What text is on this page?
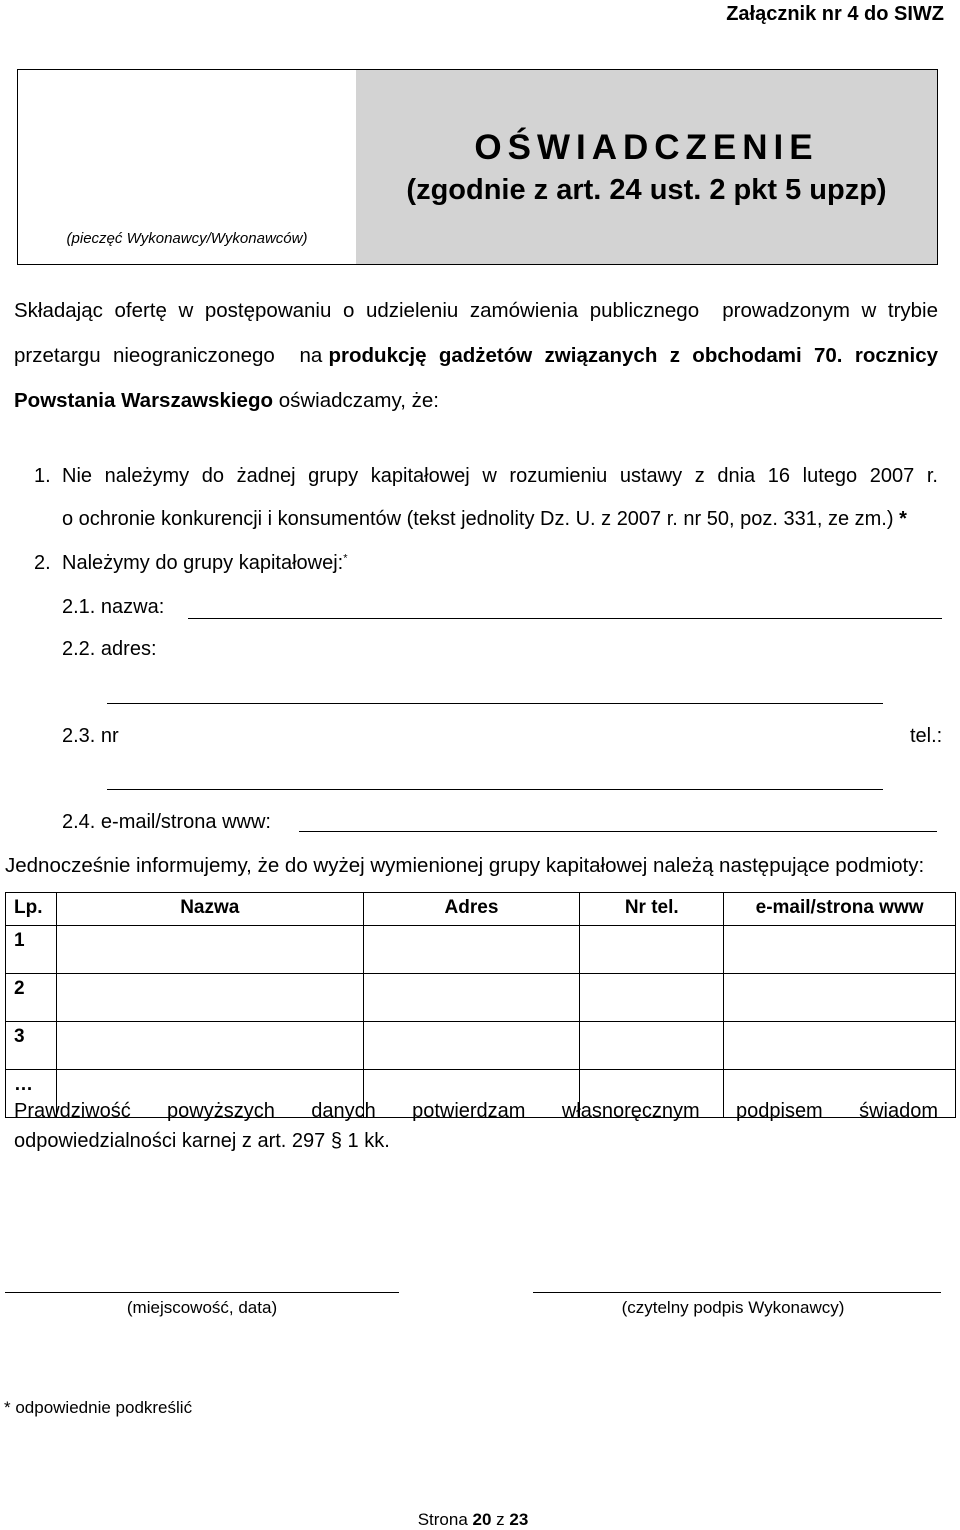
Załącznik nr 4 do SIWZ
(pieczęć Wykonawcy/Wykonawców)
OŚWIADCZENIE
(zgodnie z art. 24 ust. 2 pkt 5 upzp)
Składając  ofertę  w  postępowaniu  o  udzieleniu  zamówienia  publicznego    prowadzonym  w  trybie
przetargu  nieograniczonego    na produkcję  gadżetów  związanych  z  obchodami  70.  rocznicy
Powstania Warszawskiego oświadczamy, że:
1. Nie należymy do żadnej grupy kapitałowej w rozumieniu ustawy z dnia 16 lutego 2007 r.
o ochronie konkurencji i konsumentów (tekst jednolity Dz. U. z 2007 r. nr 50, poz. 331, ze zm.) *
2. Należymy do grupy kapitałowej:*
2.1. nazwa:
2.2. adres:
2.3. nr	tel.:
2.4. e-mail/strona www:
Jednocześnie informujemy, że do wyżej wymienionej grupy kapitałowej należą następujące podmioty:
Lp.	Nazwa	Adres	Nr tel.	e-mail/strona www
1				
2				
3				
…				
Prawdziwość    powyższych    danych    potwierdzam    własnoręcznym    podpisem    świadom
odpowiedzialności karnej z art. 297 § 1 kk.
(miejscowość, data)	(czytelny podpis Wykonawcy)
* odpowiednie podkreślić
Strona 20 z 23
